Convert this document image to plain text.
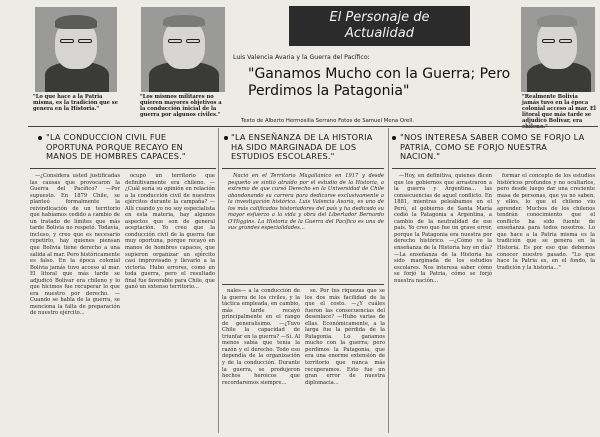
"Lo que hace a la Patria misma, es la tradición que se genera en la Historia."
"Los mismos militares no quieren mayores objetivos a la conducción inicial de la guerra por algunos civiles."
"Realmente Bolivia jamás tuvo en la época colonial acceso al mar. El litoral que más tarde se adjudicó Bolívar, era chileno."
El Personaje de
Actualidad
Luis Valencia Avaria y la Guerra del Pacífico:
"Ganamos Mucho con la Guerra; Pero Perdimos la Patagonia"
Texto de Alberto Hermosilla Serrano Fotos de Samuel Mena Orell.
"LA CONDUCCION CIVIL FUE OPORTUNA PORQUE RECAYO EN MANOS DE HOMBRES CAPACES."
"LA ENSEÑANZA DE LA HISTORIA HA SIDO MARGINADA DE LOS ESTUDIOS ESCOLARES."
"NOS INTERESA SABER COMO SE FORJO LA PATRIA, COMO SE FORJO NUESTRA NACION."

—¿Considera usted justificadas las causas que provocaron la Guerra del Pacífico? —Por supuesto. En 1879 Chile, se planteó formalmente la reivindicación de un territorio que habíamos cedido a cambio de un tratado de límites que más tarde Bolivia no respetó. Todavía, incluso, y creo que es necesario repetirlo, hay quienes piensan que Bolivia tiene derecho a una salida al mar. Pero históricamente es falso. En la época colonial Bolivia jamás tuvo acceso al mar. El litoral que más tarde se adjudicó Bolívar era chileno y lo que hicimos fue recuperar lo que era nuestro por derecho. —Cuando se habla de la guerra, se menciona la falta de preparación de nuestro ejército...

ocupó un territorio que definitivamente era chileno. —¿Cuál sería su opinión en relación a la conducción civil de nuestros ejércitos durante la campaña? —Allí cuando yo no soy especialista en esta materia, hay algunos aspectos que son de general aceptación. Yo creo que la conducción civil de la guerra fue muy oportuna, porque recayó en manos de hombres capaces, que supieron organizar un ejército casi improvisado y llevarlo a la victoria. Hubo errores, como en toda guerra, pero el resultado final fue favorable para Chile, que ganó un extenso territorio...

Nació en el Territorio Magallánico en 1917 y desde pequeño se sintió atraído por el estudio de la Historia, a extremo de que cursó Derecho en la Universidad de Chile abandonando su carrera para dedicarse exclusivamente a la investigación histórica. Luis Valencia Avaria, es uno de los más calificados historiadores del país y ha dedicado su mayor esfuerzo a la vida y obra del Libertador Bernardo O'Higgins. La Historia de la Guerra del Pacífico es una de sus grandes especialidades...

nales— a la conducción de la guerra de los civiles, y la táctica empleada, en cambio, más tarde recayó principalmente en el rango de generalísimo. —¿Tuvo Chile la capacidad de triunfar en la guerra? —Sí. Al menos sabía que tenía la razón y el derecho. Todo eso dependía de la organización y de la conducción. Durante la guerra, se produjeron hechos heroicos que recordaremos siempre...

se. Por tus riquezas que se los dos más facilidad de la que el costo. —¿Y cuáles fueron las consecuencias del desenlace? —Hubo varias de ellas. Económicamente, a la larga fue la pérdida de la Patagonia. Lo ganamos mucho con la guerra; pero perdimos la Patagonia, que era una enorme extensión de territorio que nunca más recuperamos. Esto fue un gran error de nuestra diplomacia...

—Hoy, en definitiva, quienes dicen que los gobiernos que arrastraron a la guerra y Argentina... las consecuencias de aquel conflicto. En 1881, mientras peleábamos en el Perú, el gobierno de Santa María cedió la Patagonia a Argentina, a cambio de la neutralidad de ese país. Yo creo que fue un grave error, porque la Patagonia era nuestra por derecho histórico. —¿Cómo ve la enseñanza de la Historia hoy en día? —La enseñanza de la Historia ha sido marginada de los estudios escolares. Nos interesa saber cómo se forjó la Patria, cómo se forjó nuestra nación...

formar el concepto de los estudios históricos profundos y no ocultarlos, pero desde luego dar una creciente masa de personas, que ya no saben, y ellos, lo que el chileno vio aprender. Muchos de los chilenos tendrán conocimiento que el conflicto ha sido fuente de enseñanza para todos nosotros. Lo que hace a la Patria misma es la tradición que se genera en la Historia. Es por eso que debemos conocer nuestro pasado. "Lo que hace la Patria es, en el fondo, la tradición y la historia..."
